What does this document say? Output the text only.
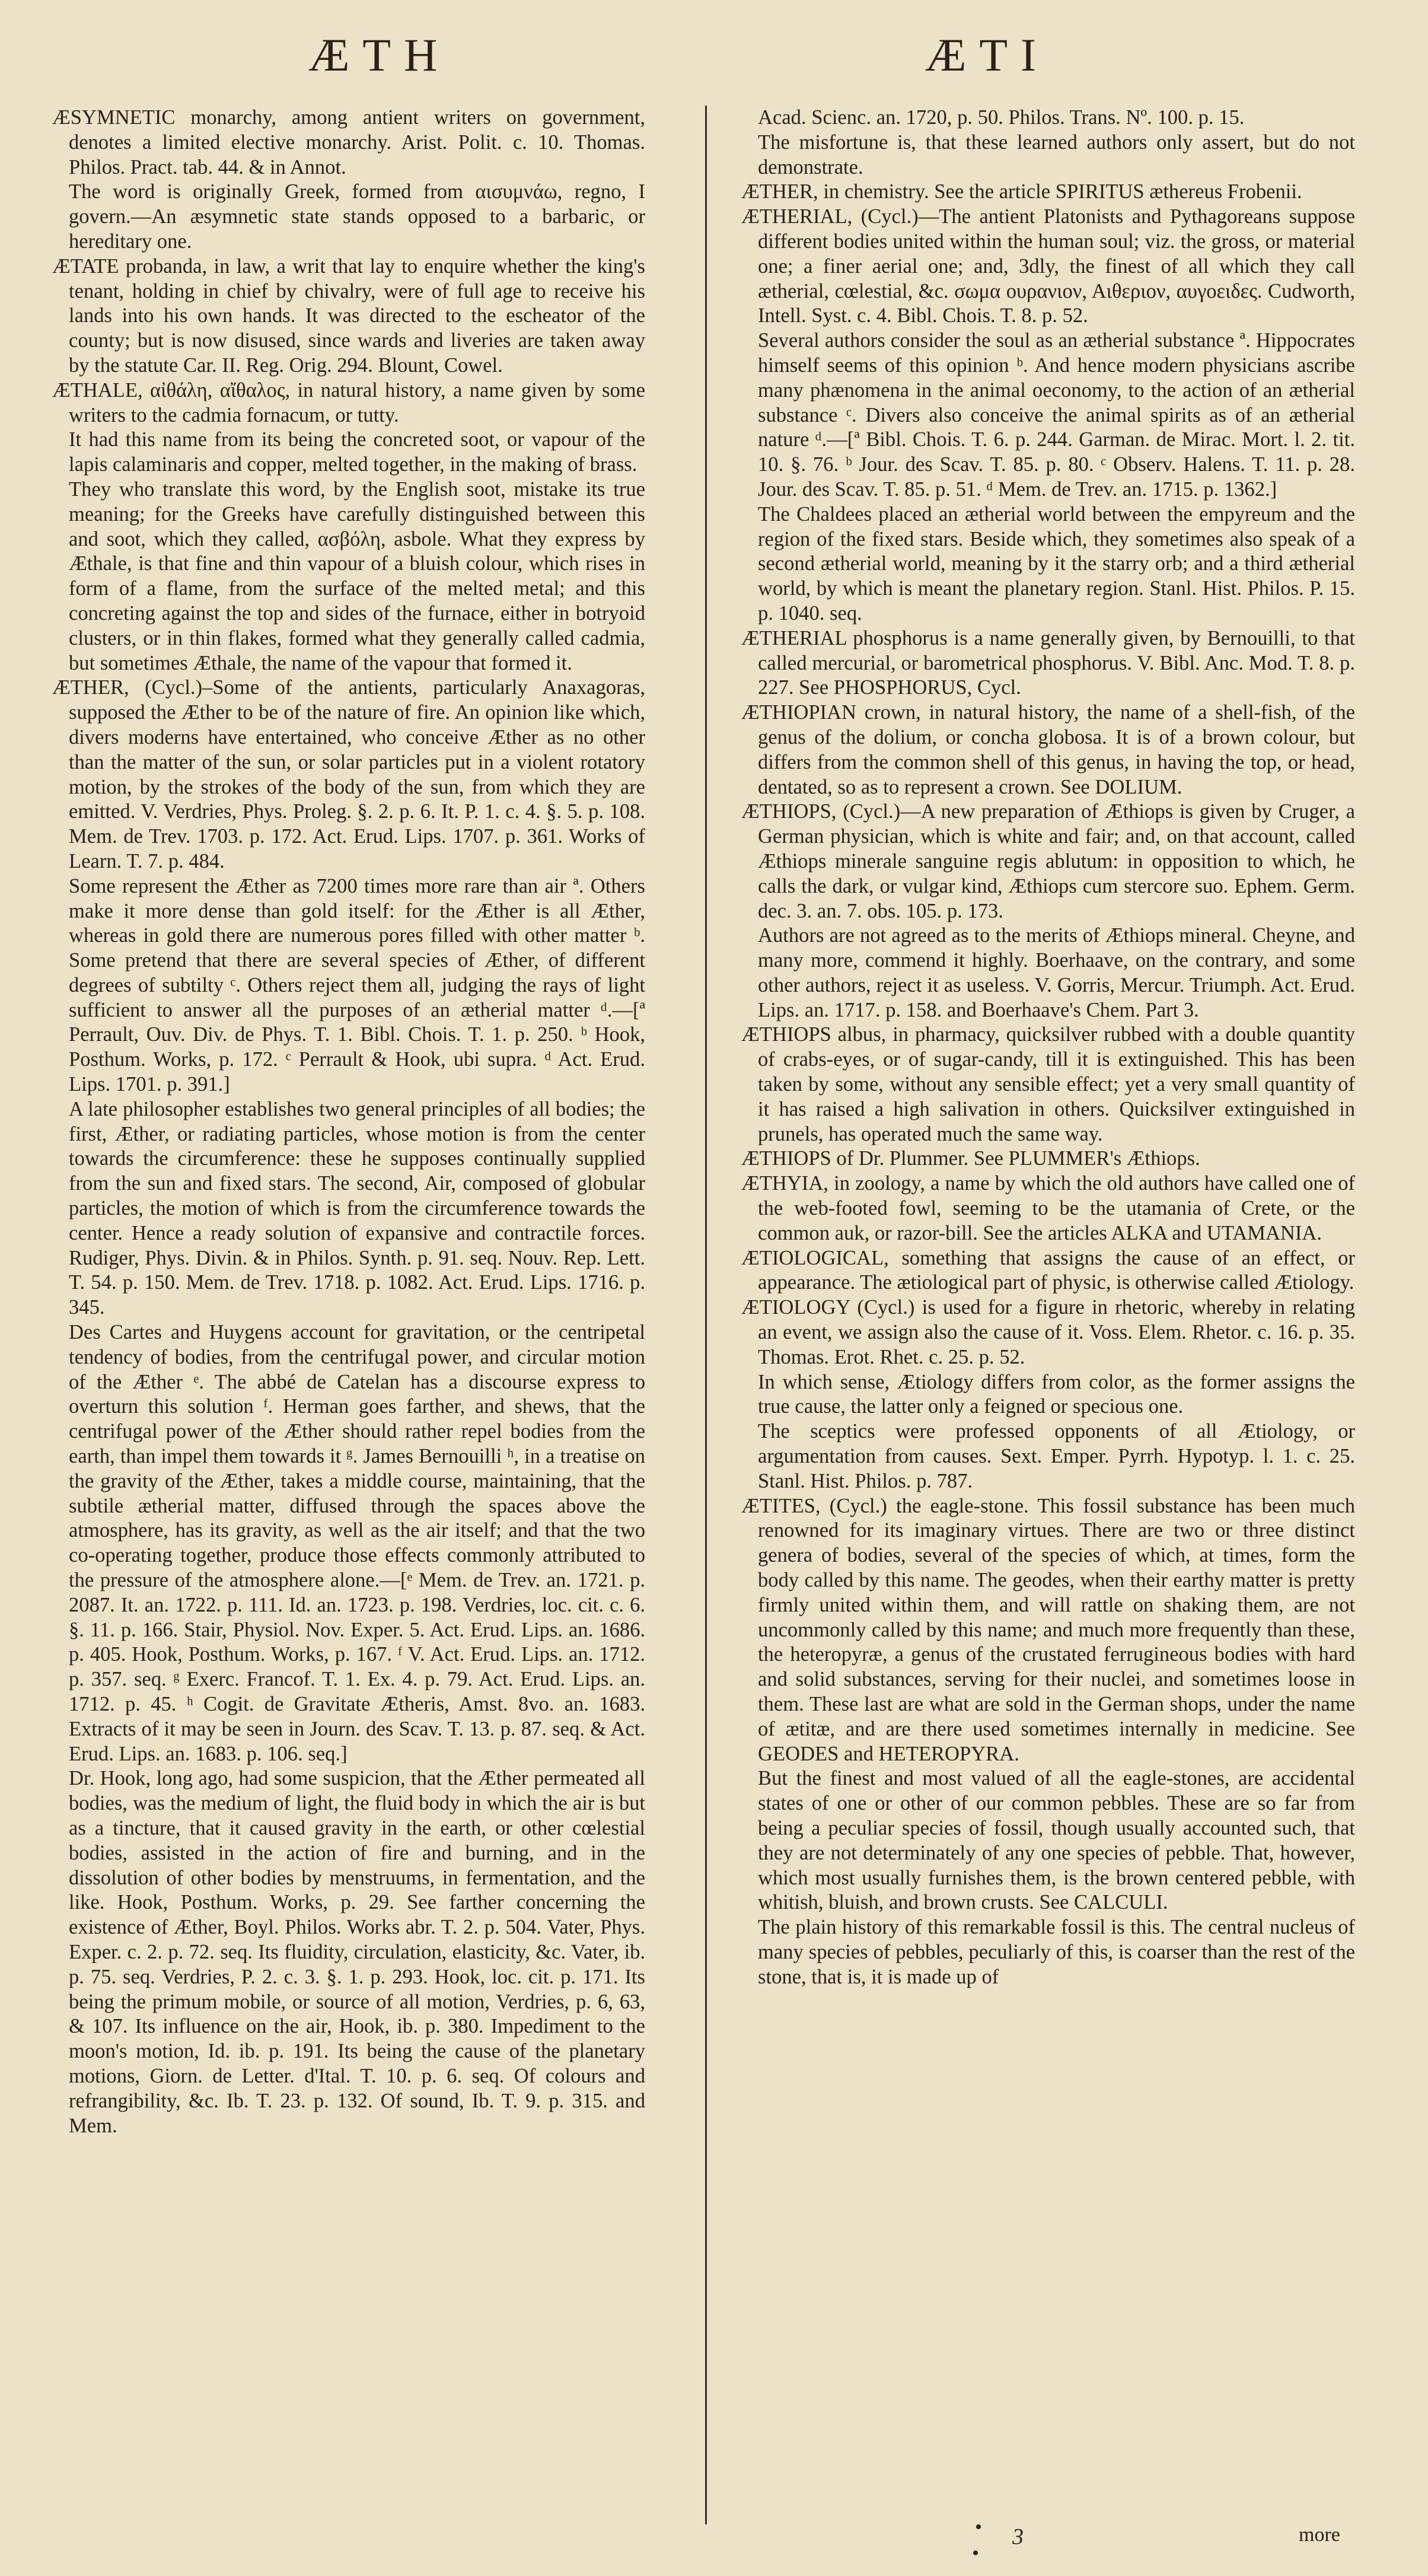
ÆTH	ÆTI

ÆSYMNETIC monarchy, among antient writers on government, denotes a limited elective monarchy. Arist. Polit. c. 10. Thomas. Philos. Pract. tab. 44. & in Annot.

The word is originally Greek, formed from αισυμνάω, regno, I govern.—An æsymnetic state stands opposed to a barbaric, or hereditary one.

ÆTATE probanda, in law, a writ that lay to enquire whether the king's tenant, holding in chief by chivalry, were of full age to receive his lands into his own hands. It was directed to the escheator of the county; but is now disused, since wards and liveries are taken away by the statute Car. II. Reg. Orig. 294. Blount, Cowel.

ÆTHALE, αἰθάλη, αἴθαλος, in natural history, a name given by some writers to the cadmia fornacum, or tutty.

It had this name from its being the concreted soot, or vapour of the lapis calaminaris and copper, melted together, in the making of brass.

They who translate this word, by the English soot, mistake its true meaning; for the Greeks have carefully distinguished between this and soot, which they called, ασβόλη, asbole. What they express by Æthale, is that fine and thin vapour of a bluish colour, which rises in form of a flame, from the surface of the melted metal; and this concreting against the top and sides of the furnace, either in botryoid clusters, or in thin flakes, formed what they generally called cadmia, but sometimes Æthale, the name of the vapour that formed it.

ÆTHER, (Cycl.)–Some of the antients, particularly Anaxagoras, supposed the Æther to be of the nature of fire. An opinion like which, divers moderns have entertained, who conceive Æther as no other than the matter of the sun, or solar particles put in a violent rotatory motion, by the strokes of the body of the sun, from which they are emitted. V. Verdries, Phys. Proleg. §. 2. p. 6. It. P. 1. c. 4. §. 5. p. 108. Mem. de Trev. 1703. p. 172. Act. Erud. Lips. 1707. p. 361. Works of Learn. T. 7. p. 484.

Some represent the Æther as 7200 times more rare than air ª. Others make it more dense than gold itself: for the Æther is all Æther, whereas in gold there are numerous pores filled with other matter ᵇ. Some pretend that there are several species of Æther, of different degrees of subtilty ᶜ. Others reject them all, judging the rays of light sufficient to answer all the purposes of an ætherial matter ᵈ.—[ª Perrault, Ouv. Div. de Phys. T. 1. Bibl. Chois. T. 1. p. 250. ᵇ Hook, Posthum. Works, p. 172. ᶜ Perrault & Hook, ubi supra. ᵈ Act. Erud. Lips. 1701. p. 391.]

A late philosopher establishes two general principles of all bodies; the first, Æther, or radiating particles, whose motion is from the center towards the circumference: these he supposes continually supplied from the sun and fixed stars. The second, Air, composed of globular particles, the motion of which is from the circumference towards the center. Hence a ready solution of expansive and contractile forces. Rudiger, Phys. Divin. & in Philos. Synth. p. 91. seq. Nouv. Rep. Lett. T. 54. p. 150. Mem. de Trev. 1718. p. 1082. Act. Erud. Lips. 1716. p. 345.

Des Cartes and Huygens account for gravitation, or the centripetal tendency of bodies, from the centrifugal power, and circular motion of the Æther ᵉ. The abbé de Catelan has a discourse express to overturn this solution ᶠ. Herman goes farther, and shews, that the centrifugal power of the Æther should rather repel bodies from the earth, than impel them towards it ᵍ. James Bernouilli ʰ, in a treatise on the gravity of the Æther, takes a middle course, maintaining, that the subtile ætherial matter, diffused through the spaces above the atmosphere, has its gravity, as well as the air itself; and that the two co-operating together, produce those effects commonly attributed to the pressure of the atmosphere alone.—[ᵉ Mem. de Trev. an. 1721. p. 2087. It. an. 1722. p. 111. Id. an. 1723. p. 198. Verdries, loc. cit. c. 6. §. 11. p. 166. Stair, Physiol. Nov. Exper. 5. Act. Erud. Lips. an. 1686. p. 405. Hook, Posthum. Works, p. 167. ᶠ V. Act. Erud. Lips. an. 1712. p. 357. seq. ᵍ Exerc. Francof. T. 1. Ex. 4. p. 79. Act. Erud. Lips. an. 1712. p. 45. ʰ Cogit. de Gravitate Ætheris, Amst. 8vo. an. 1683. Extracts of it may be seen in Journ. des Scav. T. 13. p. 87. seq. & Act. Erud. Lips. an. 1683. p. 106. seq.]

Dr. Hook, long ago, had some suspicion, that the Æther permeated all bodies, was the medium of light, the fluid body in which the air is but as a tincture, that it caused gravity in the earth, or other cœlestial bodies, assisted in the action of fire and burning, and in the dissolution of other bodies by menstruums, in fermentation, and the like. Hook, Posthum. Works, p. 29. See farther concerning the existence of Æther, Boyl. Philos. Works abr. T. 2. p. 504. Vater, Phys. Exper. c. 2. p. 72. seq. Its fluidity, circulation, elasticity, &c. Vater, ib. p. 75. seq. Verdries, P. 2. c. 3. §. 1. p. 293. Hook, loc. cit. p. 171. Its being the primum mobile, or source of all motion, Verdries, p. 6, 63, & 107. Its influence on the air, Hook, ib. p. 380. Impediment to the moon's motion, Id. ib. p. 191. Its being the cause of the planetary motions, Giorn. de Letter. d'Ital. T. 10. p. 6. seq. Of colours and refrangibility, &c. Ib. T. 23. p. 132. Of sound, Ib. T. 9. p. 315. and Mem.

Acad. Scienc. an. 1720, p. 50. Philos. Trans. Nº. 100. p. 15.

The misfortune is, that these learned authors only assert, but do not demonstrate.

ÆTHER, in chemistry. See the article SPIRITUS æthereus Frobenii.

ÆTHERIAL, (Cycl.)—The antient Platonists and Pythagoreans suppose different bodies united within the human soul; viz. the gross, or material one; a finer aerial one; and, 3dly, the finest of all which they call ætherial, cœlestial, &c. σωμα ουρανιον, Αιθεριον, αυγοειδες. Cudworth, Intell. Syst. c. 4. Bibl. Chois. T. 8. p. 52.

Several authors consider the soul as an ætherial substance ª. Hippocrates himself seems of this opinion ᵇ. And hence modern physicians ascribe many phænomena in the animal oeconomy, to the action of an ætherial substance ᶜ. Divers also conceive the animal spirits as of an ætherial nature ᵈ.—[ª Bibl. Chois. T. 6. p. 244. Garman. de Mirac. Mort. l. 2. tit. 10. §. 76. ᵇ Jour. des Scav. T. 85. p. 80. ᶜ Observ. Halens. T. 11. p. 28. Jour. des Scav. T. 85. p. 51. ᵈ Mem. de Trev. an. 1715. p. 1362.]

The Chaldees placed an ætherial world between the empyreum and the region of the fixed stars. Beside which, they sometimes also speak of a second ætherial world, meaning by it the starry orb; and a third ætherial world, by which is meant the planetary region. Stanl. Hist. Philos. P. 15. p. 1040. seq.

ÆTHERIAL phosphorus is a name generally given, by Bernouilli, to that called mercurial, or barometrical phosphorus. V. Bibl. Anc. Mod. T. 8. p. 227. See PHOSPHORUS, Cycl.

ÆTHIOPIAN crown, in natural history, the name of a shell-fish, of the genus of the dolium, or concha globosa. It is of a brown colour, but differs from the common shell of this genus, in having the top, or head, dentated, so as to represent a crown. See DOLIUM.

ÆTHIOPS, (Cycl.)—A new preparation of Æthiops is given by Cruger, a German physician, which is white and fair; and, on that account, called Æthiops minerale sanguine regis ablutum: in opposition to which, he calls the dark, or vulgar kind, Æthiops cum stercore suo. Ephem. Germ. dec. 3. an. 7. obs. 105. p. 173.

Authors are not agreed as to the merits of Æthiops mineral. Cheyne, and many more, commend it highly. Boerhaave, on the contrary, and some other authors, reject it as useless. V. Gorris, Mercur. Triumph. Act. Erud. Lips. an. 1717. p. 158. and Boerhaave's Chem. Part 3.

ÆTHIOPS albus, in pharmacy, quicksilver rubbed with a double quantity of crabs-eyes, or of sugar-candy, till it is extinguished. This has been taken by some, without any sensible effect; yet a very small quantity of it has raised a high salivation in others. Quicksilver extinguished in prunels, has operated much the same way.

ÆTHIOPS of Dr. Plummer. See PLUMMER's Æthiops.

ÆTHYIA, in zoology, a name by which the old authors have called one of the web-footed fowl, seeming to be the utamania of Crete, or the common auk, or razor-bill. See the articles ALKA and UTAMANIA.

ÆTIOLOGICAL, something that assigns the cause of an effect, or appearance. The ætiological part of physic, is otherwise called Ætiology.

ÆTIOLOGY (Cycl.) is used for a figure in rhetoric, whereby in relating an event, we assign also the cause of it. Voss. Elem. Rhetor. c. 16. p. 35. Thomas. Erot. Rhet. c. 25. p. 52.

In which sense, Ætiology differs from color, as the former assigns the true cause, the latter only a feigned or specious one.

The sceptics were professed opponents of all Ætiology, or argumentation from causes. Sext. Emper. Pyrrh. Hypotyp. l. 1. c. 25. Stanl. Hist. Philos. p. 787.

ÆTITES, (Cycl.) the eagle-stone. This fossil substance has been much renowned for its imaginary virtues. There are two or three distinct genera of bodies, several of the species of which, at times, form the body called by this name. The geodes, when their earthy matter is pretty firmly united within them, and will rattle on shaking them, are not uncommonly called by this name; and much more frequently than these, the heteropyræ, a genus of the crustated ferrugineous bodies with hard and solid substances, serving for their nuclei, and sometimes loose in them. These last are what are sold in the German shops, under the name of ætitæ, and are there used sometimes internally in medicine. See GEODES and HETEROPYRA.

But the finest and most valued of all the eagle-stones, are accidental states of one or other of our common pebbles. These are so far from being a peculiar species of fossil, though usually accounted such, that they are not determinately of any one species of pebble. That, however, which most usually furnishes them, is the brown centered pebble, with whitish, bluish, and brown crusts. See CALCULI.

The plain history of this remarkable fossil is this. The central nucleus of many species of pebbles, peculiarly of this, is coarser than the rest of the stone, that is, it is made up of

3	more
